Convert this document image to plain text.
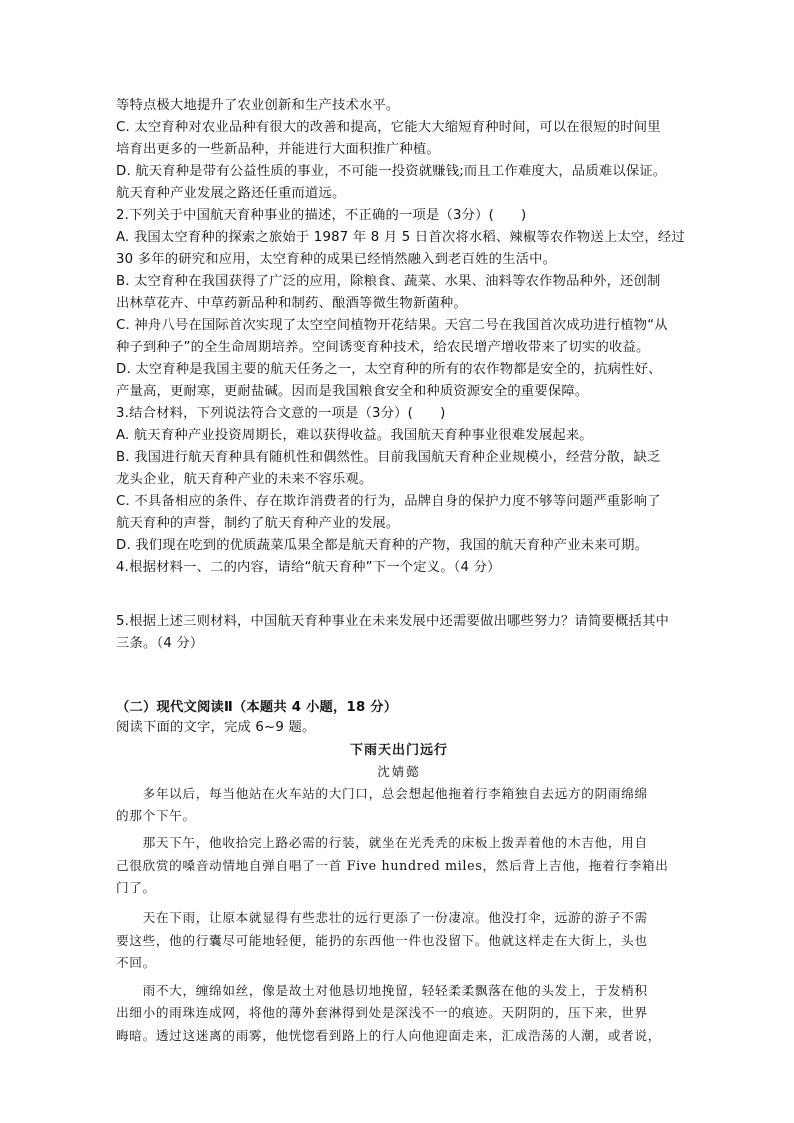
等特点极大地提升了农业创新和生产技术水平。
C. 太空育种对农业品种有很大的改善和提高，它能大大缩短育种时间，可以在很短的时间里
培育出更多的一些新品种，并能进行大面积推广种植。
D. 航天育种是带有公益性质的事业，不可能一投资就赚钱;而且工作难度大，品质难以保证。
航天育种产业发展之路还任重而道远。
2.下列关于中国航天育种事业的描述，不正确的一项是（3分）(　　)
A. 我国太空育种的探索之旅始于 1987 年 8 月 5 日首次将水稻、辣椒等农作物送上太空，经过
30 多年的研究和应用，太空育种的成果已经悄然融入到老百姓的生活中。
B. 太空育种在我国获得了广泛的应用，除粮食、蔬菜、水果、油料等农作物品种外，还创制
出林草花卉、中草药新品种和制药、酿酒等微生物新菌种。
C. 神舟八号在国际首次实现了太空空间植物开花结果。天宫二号在我国首次成功进行植物“从
种子到种子”的全生命周期培养。空间诱变育种技术，给农民增产增收带来了切实的收益。
D. 太空育种是我国主要的航天任务之一，太空育种的所有的农作物都是安全的，抗病性好、
产量高，更耐寒，更耐盐碱。因而是我国粮食安全和种质资源安全的重要保障。
3.结合材料，下列说法符合文意的一项是（3分）(　　)
A. 航天育种产业投资周期长，难以获得收益。我国航天育种事业很难发展起来。
B. 我国进行航天育种具有随机性和偶然性。目前我国航天育种企业规模小，经营分散，缺乏
龙头企业，航天育种产业的未来不容乐观。
C. 不具备相应的条件、存在欺诈消费者的行为，品牌自身的保护力度不够等问题严重影响了
航天育种的声誉，制约了航天育种产业的发展。
D. 我们现在吃到的优质蔬菜瓜果全都是航天育种的产物，我国的航天育种产业未来可期。
4.根据材料一、二的内容，请给“航天育种”下一个定义。（4 分）
5.根据上述三则材料，中国航天育种事业在未来发展中还需要做出哪些努力？请简要概括其中
三条。（4 分）
（二）现代文阅读Ⅱ（本题共 4 小题，18 分）
阅读下面的文字，完成 6~9 题。
下雨天出门远行
沈婧懿
　　多年以后，每当他站在火车站的大门口，总会想起他拖着行李箱独自去远方的阴雨绵绵
的那个下午。
　　那天下午，他收拾完上路必需的行装，就坐在光秃秃的床板上拨弄着他的木吉他，用自
己很欣赏的嗓音动情地自弹自唱了一首 Five hundred miles，然后背上吉他，拖着行李箱出
门了。
　　天在下雨，让原本就显得有些悲壮的远行更添了一份凄凉。他没打伞，远游的游子不需
要这些，他的行囊尽可能地轻便，能扔的东西他一件也没留下。他就这样走在大街上，头也
不回。
　　雨不大，缠绵如丝，像是故土对他恳切地挽留，轻轻柔柔飘落在他的头发上，于发梢积
出细小的雨珠连成网，将他的薄外套淋得到处是深浅不一的痕迹。天阴阴的，压下来，世界
晦暗。透过这迷离的雨雾，他恍惚看到路上的行人向他迎面走来，汇成浩荡的人潮，或者说，
